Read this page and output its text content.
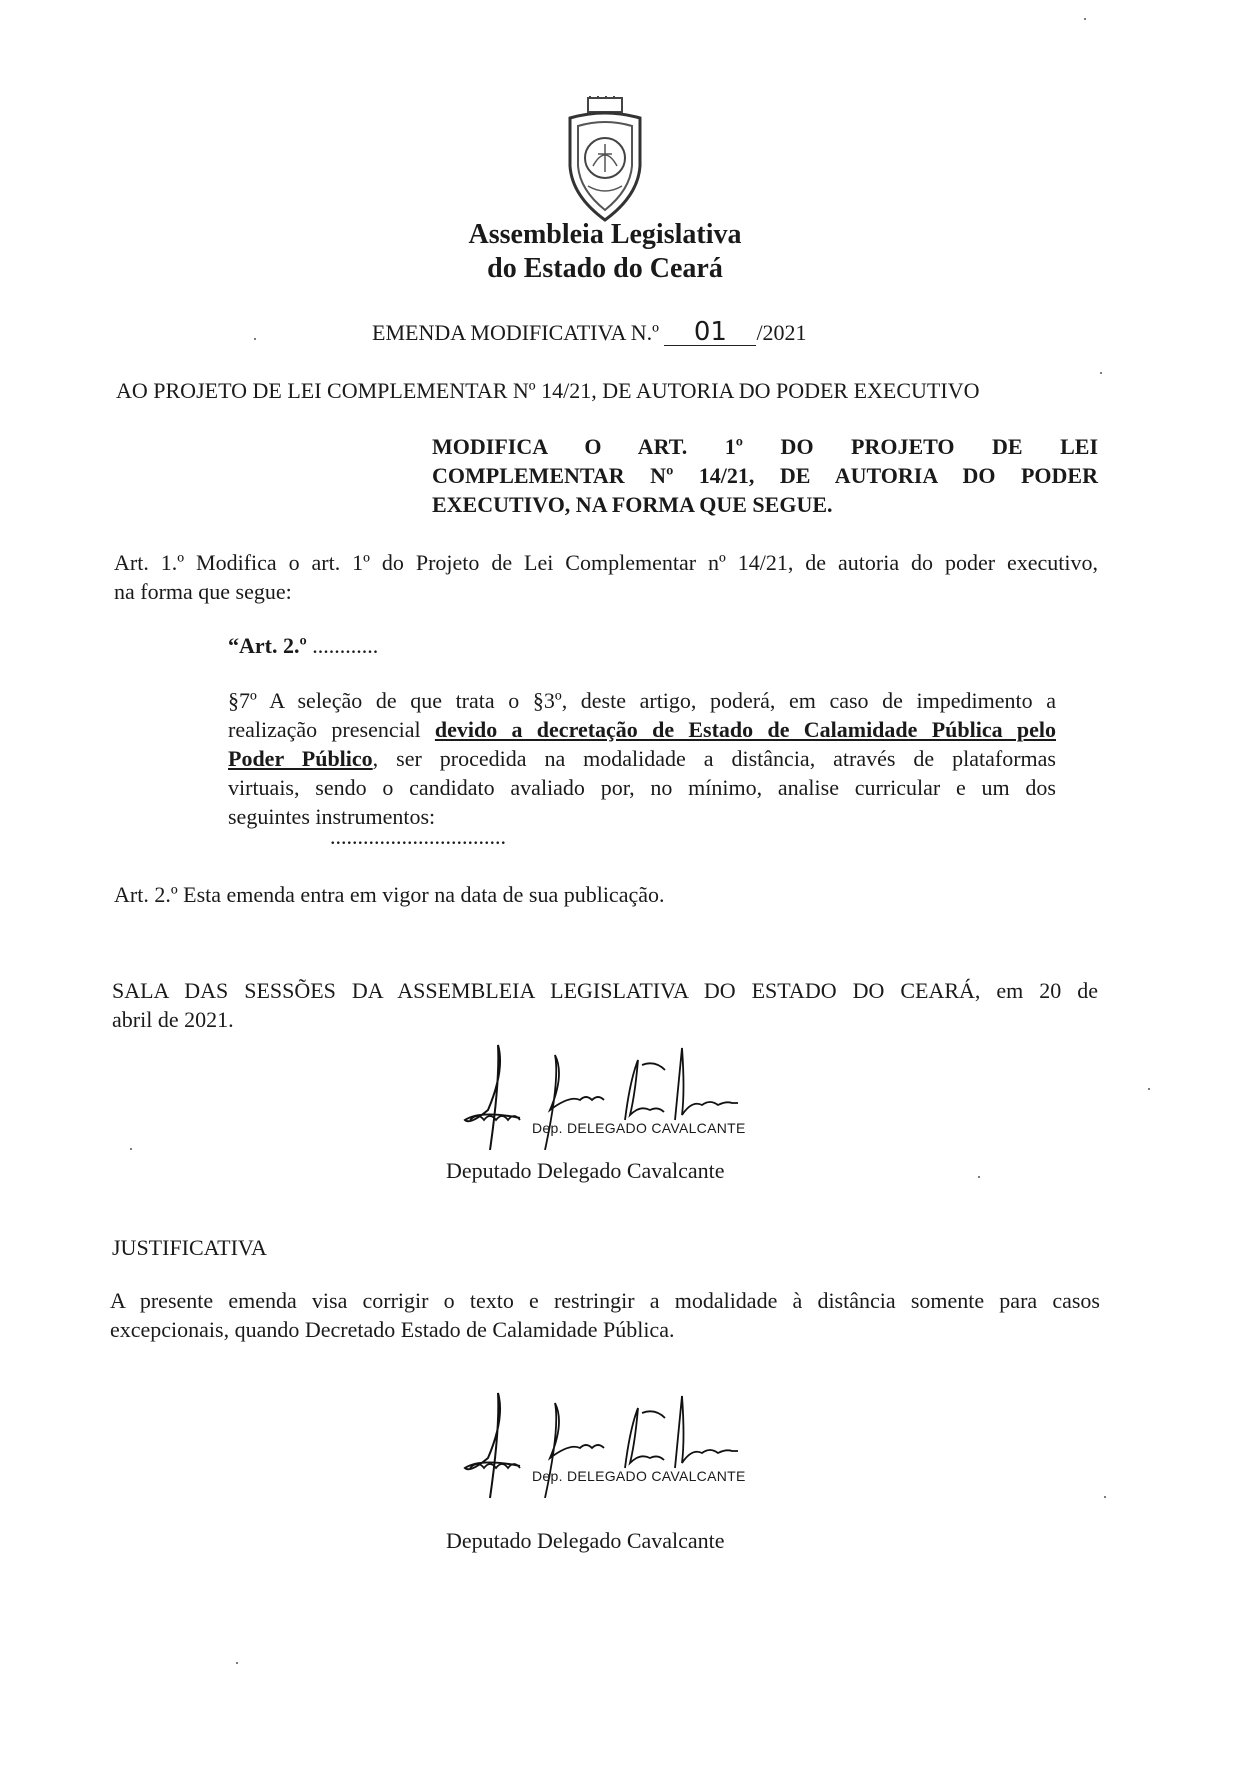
Assembleia Legislativa
do Estado do Ceará
EMENDA MODIFICATIVA N.º 01 /2021
AO PROJETO DE LEI COMPLEMENTAR Nº 14/21, DE AUTORIA DO PODER EXECUTIVO
MODIFICA O ART. 1º DO PROJETO DE LEI
COMPLEMENTAR Nº 14/21, DE AUTORIA DO PODER
EXECUTIVO, NA FORMA QUE SEGUE.
Art. 1.º Modifica o art. 1º do Projeto de Lei Complementar nº 14/21, de autoria do poder executivo,
na forma que segue:
“Art. 2.º ............
§7º A seleção de que trata o §3º, deste artigo, poderá, em caso de impedimento a
realização presencial devido a decretação de Estado de Calamidade Pública pelo
Poder Público, ser procedida na modalidade a distância, através de plataformas
virtuais, sendo o candidato avaliado por, no mínimo, analise curricular e um dos
seguintes instrumentos:
................................
Art. 2.º Esta emenda entra em vigor na data de sua publicação.
SALA DAS SESSÕES DA ASSEMBLEIA LEGISLATIVA DO ESTADO DO CEARÁ, em 20 de
abril de 2021.
Dep. DELEGADO CAVALCANTE
Deputado Delegado Cavalcante
JUSTIFICATIVA
A presente emenda visa corrigir o texto e restringir a modalidade à distância somente para casos
excepcionais, quando Decretado Estado de Calamidade Pública.
Dep. DELEGADO CAVALCANTE
Deputado Delegado Cavalcante
